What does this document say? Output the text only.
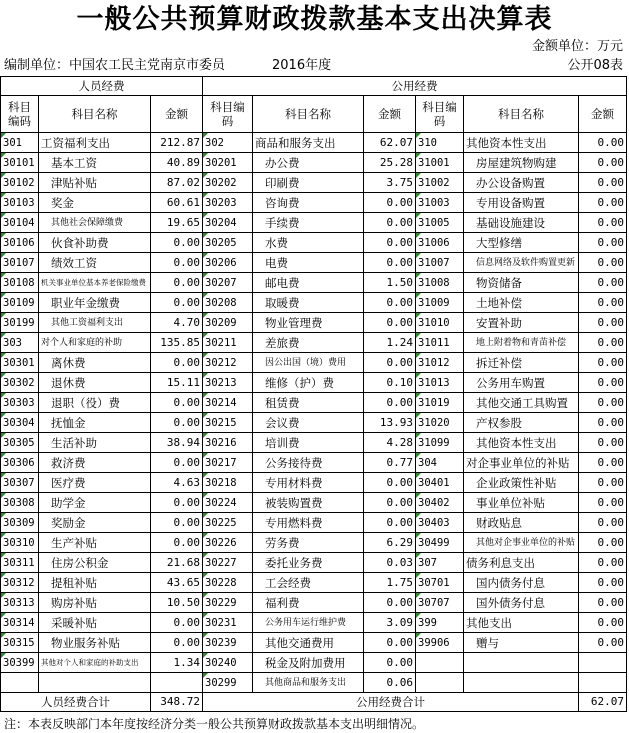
一般公共预算财政拨款基本支出决算表
金额单位：万元
编制单位：中国农工民主党南京市委员	2016年度	公开08表
人员经费			公用经费					
科目编码	科目名称	金额	科目编码	科目名称	金额	科目编码	科目名称	金额
301	工资福利支出	212.87	302	商品和服务支出	62.07	310	其他资本性支出	0.00
30101	基本工资	40.89	30201	办公费	25.28	31001	房屋建筑物购建	0.00
30102	津贴补贴	87.02	30202	印刷费	3.75	31002	办公设备购置	0.00
30103	奖金	60.61	30203	咨询费	0.00	31003	专用设备购置	0.00
30104	其他社会保障缴费	19.65	30204	手续费	0.00	31005	基础设施建设	0.00
30106	伙食补助费	0.00	30205	水费	0.00	31006	大型修缮	0.00
30107	绩效工资	0.00	30206	电费	0.00	31007	信息网络及软件购置更新	0.00
30108	机关事业单位基本养老保险缴费	0.00	30207	邮电费	1.50	31008	物资储备	0.00
30109	职业年金缴费	0.00	30208	取暖费	0.00	31009	土地补偿	0.00
30199	其他工资福利支出	4.70	30209	物业管理费	0.00	31010	安置补助	0.00
303	对个人和家庭的补助	135.85	30211	差旅费	1.24	31011	地上附着物和青苗补偿	0.00
30301	离休费	0.00	30212	因公出国（境）费用	0.00	31012	拆迁补偿	0.00
30302	退休费	15.11	30213	维修（护）费	0.10	31013	公务用车购置	0.00
30303	退职（役）费	0.00	30214	租赁费	0.00	31019	其他交通工具购置	0.00
30304	抚恤金	0.00	30215	会议费	13.93	31020	产权参股	0.00
30305	生活补助	38.94	30216	培训费	4.28	31099	其他资本性支出	0.00
30306	救济费	0.00	30217	公务接待费	0.77	304	对企事业单位的补贴	0.00
30307	医疗费	4.63	30218	专用材料费	0.00	30401	企业政策性补贴	0.00
30308	助学金	0.00	30224	被装购置费	0.00	30402	事业单位补贴	0.00
30309	奖励金	0.00	30225	专用燃料费	0.00	30403	财政贴息	0.00
30310	生产补贴	0.00	30226	劳务费	6.29	30499	其他对企事业单位的补贴	0.00
30311	住房公积金	21.68	30227	委托业务费	0.03	307	债务利息支出	0.00
30312	提租补贴	43.65	30228	工会经费	1.75	30701	国内债务付息	0.00
30313	购房补贴	10.50	30229	福利费	0.00	30707	国外债务付息	0.00
30314	采暖补贴	0.00	30231	公务用车运行维护费	3.09	399	其他支出	0.00
30315	物业服务补贴	0.00	30239	其他交通费用	0.00	39906	赠与	0.00
30399	其他对个人和家庭的补助支出	1.34	30240	税金及附加费用	0.00			
			30299	其他商品和服务支出	0.06			
人员经费合计		348.72	公用经费合计					62.07
注：本表反映部门本年度按经济分类一般公共预算财政拨款基本支出明细情况。
